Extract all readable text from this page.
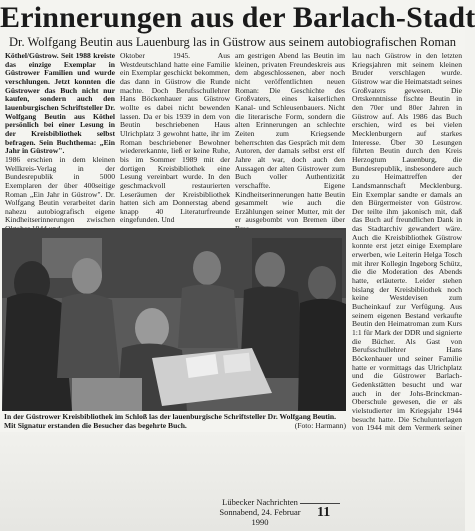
Erinnerungen aus der Barlach-Stadt
Dr. Wolfgang Beutin aus Lauenburg las in Güstrow aus seinem autobiografischen Roman

Köthel/Güstrow. Seit 1988 kreiste das einzige Exemplar in Güstrower Familien und wurde verschlungen. Jetzt konnten die Güstrower das Buch nicht nur kaufen, sondern auch den lauenburgischen Schriftsteller Dr. Wolfgang Beutin aus Köthel persönlich bei einer Lesung in der Kreisbibliothek selbst befragen. Sein Buchthema: „Ein Jahr in Güstrow".

1986 erschien in dem kleinen Wellkreis-Verlag in der Bundesrepublik in 5000 Exemplaren der über 400seitige Roman „Ein Jahr in Güstrow". Dr. Wolfgang Beutin verarbeitet darin nahezu autobiografisch eigene Kindheitserinnerungen zwischen

Oktober 1945. Aus Westdeutschland hatte eine Familie ein Exemplar geschickt bekommen, das dann in Güstrow die Runde machte. Doch Berufsschullehrer Hans Böckenhauer aus Güstrow wollte es dabei nicht bewenden lassen. Da er bis 1939 in dem von Beutin beschriebenen Haus Ulrichplatz 3 gewohnt hatte, ihr im Roman beschriebener Bewohner wiedererkannte, ließ er keine Ruhe, bis im Sommer 1989 mit der dortigen Kreisbibliothek eine Lesung vereinbart wurde. In den geschmackvoll restaurierten Leseräumen der Kreisbibliothek hatten sich am Donnerstag abend knapp 40 Literaturfreunde eingefunden. Und

am gestrigen Abend las Beutin im kleinen, privaten Freundeskreis aus dem abgeschlossenen, aber noch nicht veröffentlichten neuen Roman: Die Geschichte des Großvaters, eines kaiserlichen Kanal- und Schleusenbauers. Nicht die literarische Form, sondern die alten Erinnerungen an schlechte Zeiten zum Kriegsende beherrschten das Gespräch mit dem Autoren, der damals selbst erst elf Jahre alt war, doch auch den Aussagen der alten Güstrower zum Buch voller Authentizität verschaffte. Eigene Kindheitserinnerungen hatte Beutin gesammelt wie auch die Erzählungen seiner Mutter, mit der er ausgebombt von Bremen über

lau nach Güstrow in den letzten Kriegsjahren mit seinem kleinen Bruder verschlagen wurde. Güstrow war die Heimatstadt seines Großvaters gewesen. Die Ortskenntnisse fischte Beutin in den 70er und 80er Jahren in Güstrow auf. Als 1986 das Buch erschien, wird es bei vielen Mecklenburgern auf starkes Interesse. Über 30 Lesungen führten Beutin durch den Kreis Herzogtum Lauenburg, die Bundesrepublik, insbesondere auch zu Heimattreffen der Landsmannschaft Mecklenburg. Ein Exemplar sandte er damals an den Bürgermeister von Güstrow. Der teilte ihm jakonisch mit, daß das Buch auf freundlichen Dank in das Stadtarchiv gewandert wäre. Auch die Kreisbibliothek Güstrow konnte erst jetzt einige Exemplare erwerben, wie Leiterin Helga Tosch mit ihrer Kollegin Ingeborg Schütz, die die Moderation des Abends hatte, erläuterte. Leider stehen bislang der Kreisbibliothek noch keine Westdevisen zum Bucheinkauf zur Verfügung. Aus seinem eigenen Bestand verkaufte Beutin den Heimatroman zum Kurs 1:1 für Mark der DDR und signierte die Bücher. Als Gast von Berufsschullehrer Hans Böckenhauer und seiner Familie hatte er vormittags das Ulrichplatz und die Güstrower Barlach-Gedenkstätten besucht und war auch in der Johs-Brinckman-Oberschule gewesen, die er als vielstudierter im Kriegsjahr 1944 besucht hatte. Die Schulunterlagen von 1944 mit dem Vermerk seiner

In der Güstrower Kreisbibliothek im Schloß las der lauenburgische Schriftsteller Dr. Wolfgang Beutin. Mit Signatur erstanden die Besucher das begehrte Buch.	(Foto: Harmann)
Lübecker Nachrichten
Sonnabend, 24. Februar 1990
11
